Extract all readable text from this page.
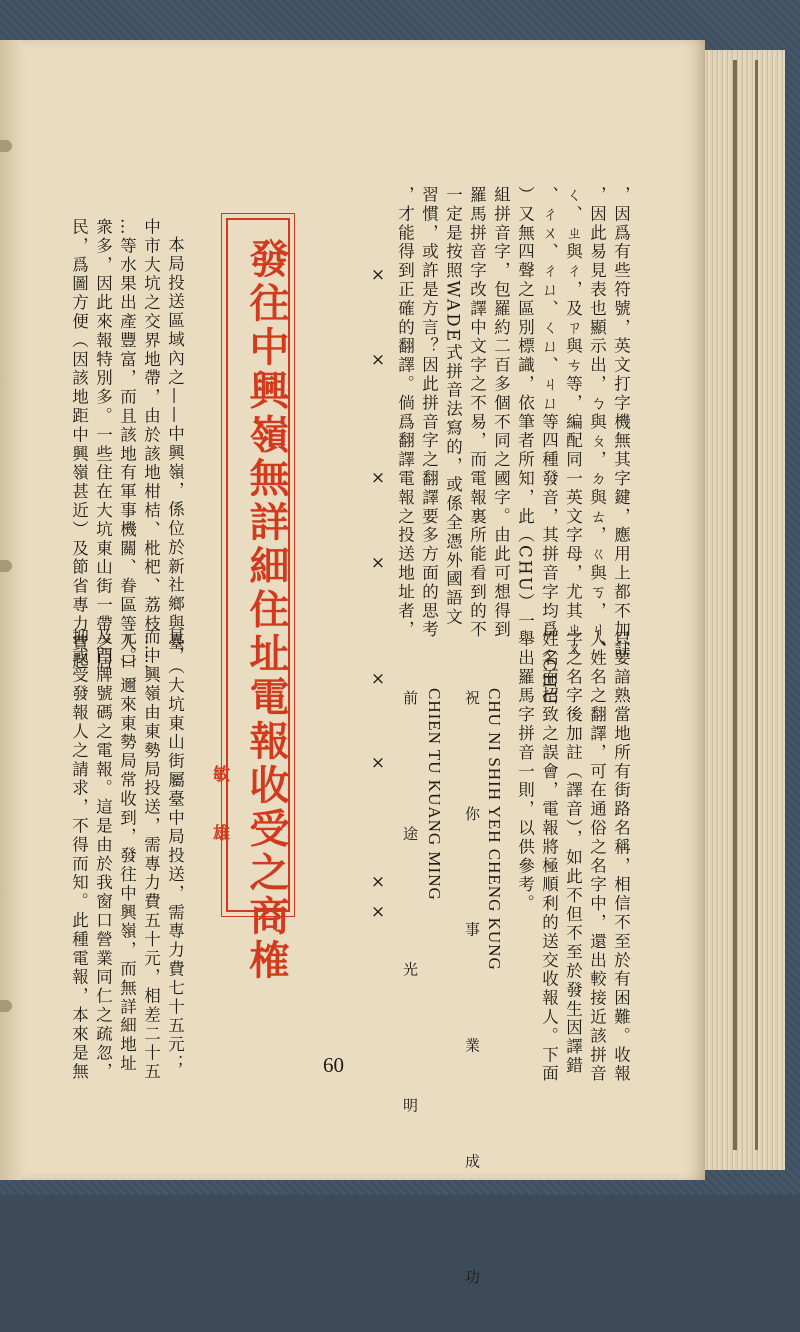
，因爲有些符號，英文打字機無其字鍵，應用上都不加註
，因此易見表也顯示出，ㄅ與ㄆ，ㄉ與ㄊ，ㄍ與ㄎ，ㄐ、
ㄑ、ㄓ與ㄔ，及ㄗ與ㄘ等，編配同一英文字母，尤其ㄓㄨ
、ㄔㄨ、ㄔㄩ、ㄑㄩ、ㄐㄩ等四種發音，其拼音字均爲（CHU
）又無四聲之區別標識，依筆者所知，此（CHU）一
組拼音字，包羅約二百多個不同之國字。由此可想得到
羅馬拼音字改譯中文字之不易，而電報裏所能看到的不
一定是按照WADE式拼音法寫的，或係全憑外國語文
習慣，或許是方言？因此拼音字之翻譯要多方面的思考
，才能得到正確的翻譯。倘爲翻譯電報之投送地址者，
只要諳熟當地所有街路名稱，相信不至於有困難。收報
人姓名之翻譯，可在通俗之名字中，還出較接近該拼音
字之名字後加註（譯音），如此不但不至於發生因譯錯
姓名而招致之誤會，電報將極順利的送交收報人。下面
舉出羅馬字拼音一則，以供參考。
CHU NI SHIH YEH CHENG KUNG
祝 你 事 業 成 功
CHIEN TU KUANG MING
前 途 光 明
×
×
×
×
×
×
×
×
發往中興嶺無詳細住址電報收受之商榷
敏 雄
本局投送區域內之——中興嶺，係位於新社鄉與臺
中市大坑之交界地帶，由於該地柑桔、枇杷、荔枝……
…等水果出產豐富，而且該地有軍事機關、眷區等人口
衆多，因此來報特別多。一些住在大坑東山街一帶之居
民，爲圖方便（因該地距中興嶺甚近）及節省專力費起
見，（大坑東山街屬臺中局投送，需專力費七十五元；
而中興嶺由東勢局投送，需專力費五十元，相差二十五
元。）邇來東勢局常收到，發往中興嶺，而無詳細地址
及門牌號碼之電報。這是由於我窗口營業同仁之疏忽，
抑或受發報人之請求，不得而知。此種電報，本來是無	60
